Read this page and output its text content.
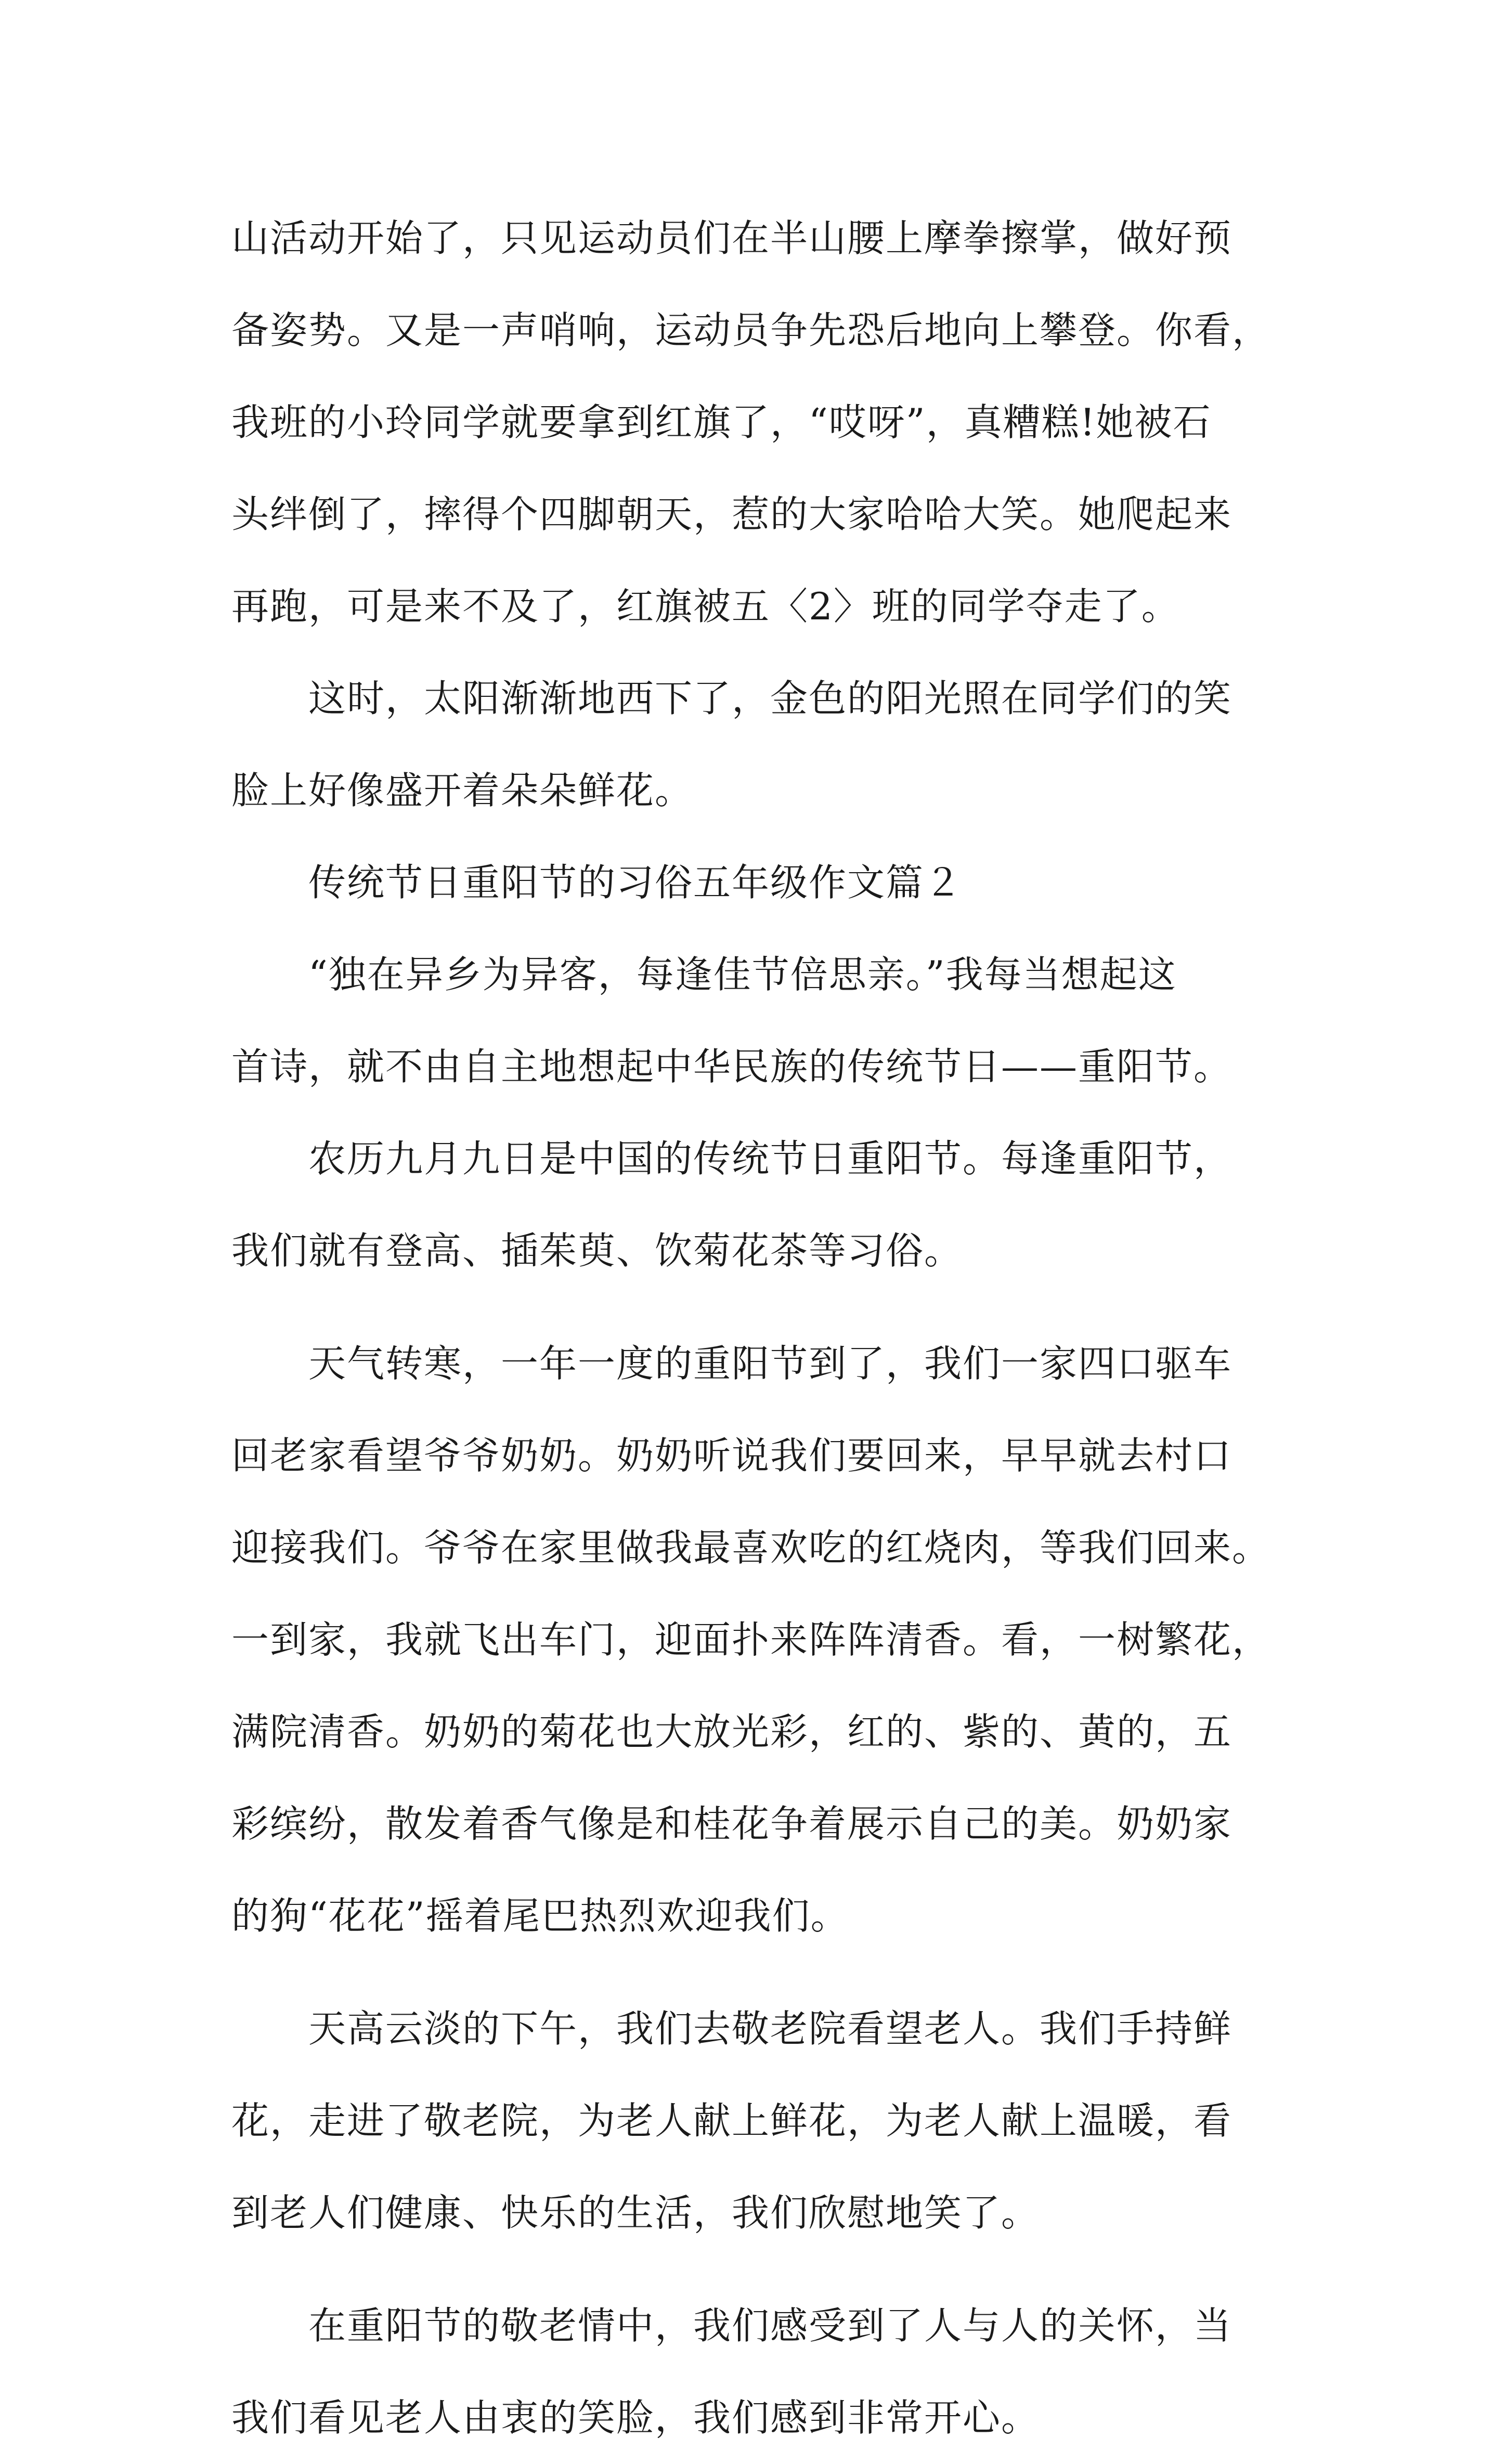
山活动开始了，只见运动员们在半山腰上摩拳擦掌，做好预
备姿势。又是一声哨响，运动员争先恐后地向上攀登。你看，
我班的小玲同学就要拿到红旗了，“哎呀”，真糟糕!她被石
头绊倒了，摔得个四脚朝天，惹的大家哈哈大笑。她爬起来
再跑，可是来不及了，红旗被五〈2〉班的同学夺走了。
这时，太阳渐渐地西下了，金色的阳光照在同学们的笑
脸上好像盛开着朵朵鲜花。
传统节日重阳节的习俗五年级作文篇２
“独在异乡为异客，每逢佳节倍思亲。”我每当想起这
首诗，就不由自主地想起中华民族的传统节日——重阳节。
农历九月九日是中国的传统节日重阳节。每逢重阳节，
我们就有登高、插茱萸、饮菊花茶等习俗。
天气转寒，一年一度的重阳节到了，我们一家四口驱车
回老家看望爷爷奶奶。奶奶听说我们要回来，早早就去村口
迎接我们。爷爷在家里做我最喜欢吃的红烧肉，等我们回来。
一到家，我就飞出车门，迎面扑来阵阵清香。看，一树繁花，
满院清香。奶奶的菊花也大放光彩，红的、紫的、黄的，五
彩缤纷，散发着香气像是和桂花争着展示自己的美。奶奶家
的狗“花花”摇着尾巴热烈欢迎我们。
天高云淡的下午，我们去敬老院看望老人。我们手持鲜
花，走进了敬老院，为老人献上鲜花，为老人献上温暖，看
到老人们健康、快乐的生活，我们欣慰地笑了。
在重阳节的敬老情中，我们感受到了人与人的关怀，当
我们看见老人由衷的笑脸，我们感到非常开心。
